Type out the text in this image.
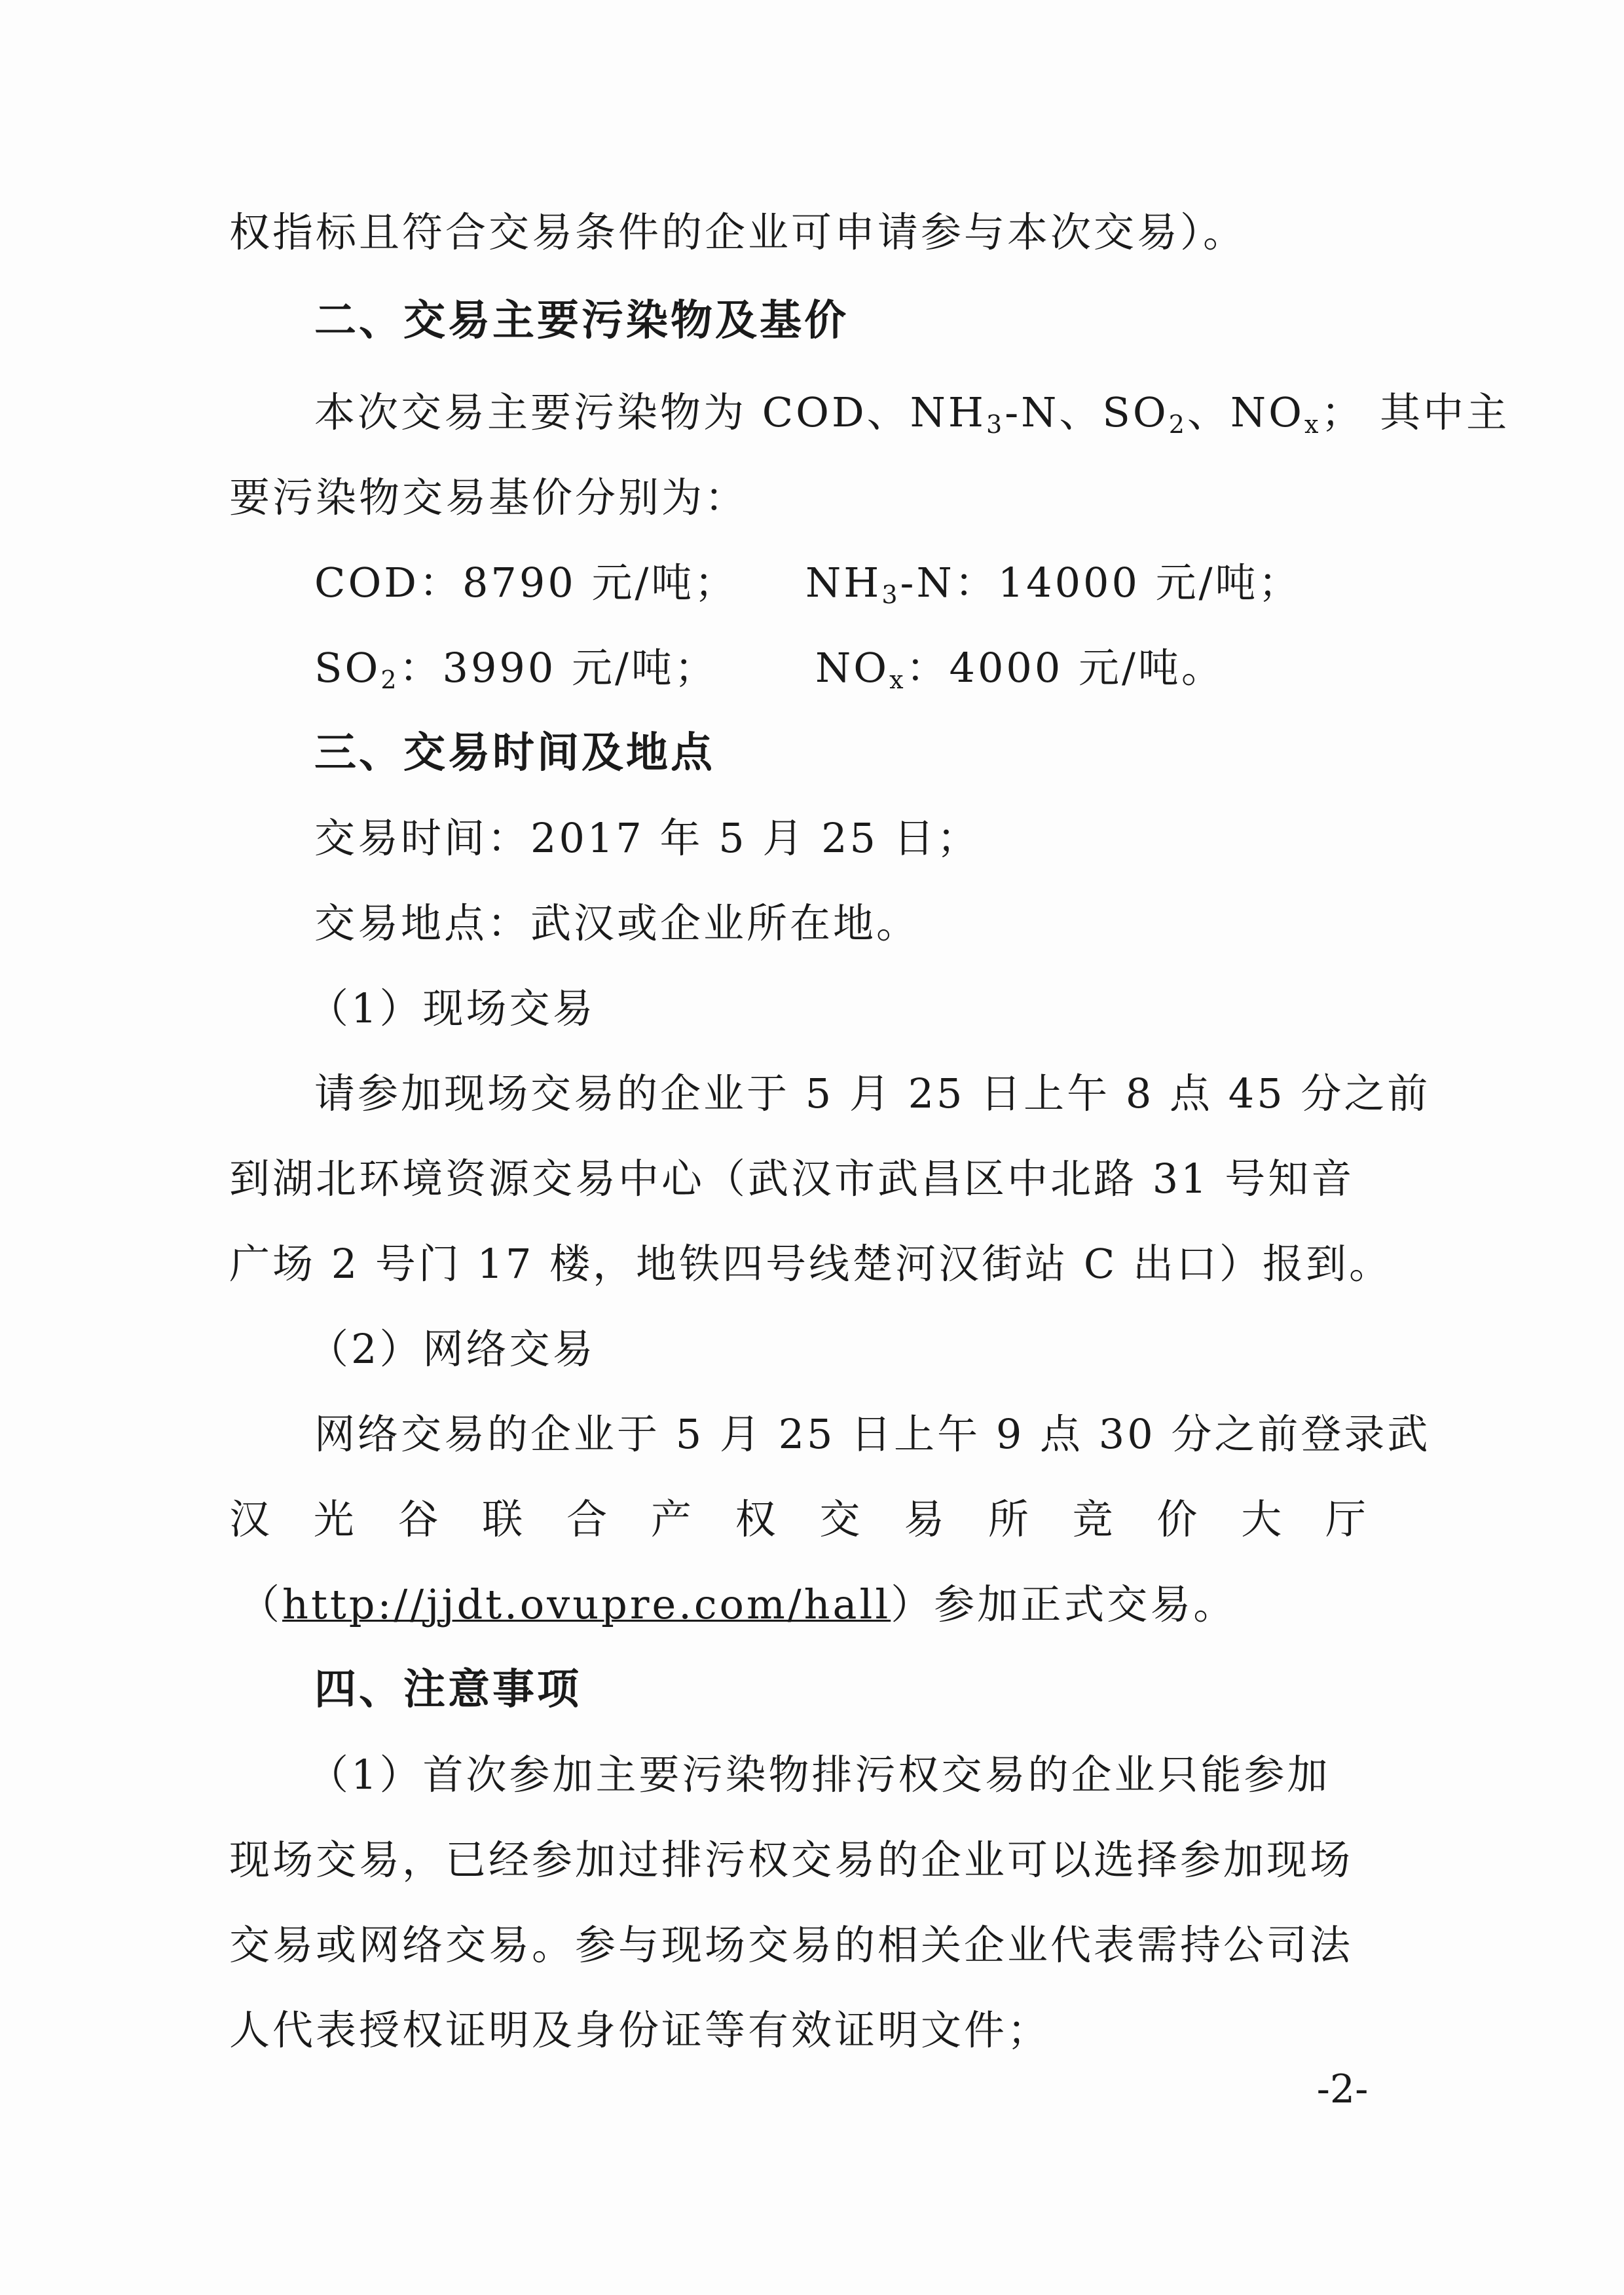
权指标且符合交易条件的企业可申请参与本次交易）。
二、交易主要污染物及基价
本次交易主要污染物为 COD、$NH_3-N$、$SO_2$、$NO_x$； 其中主
要污染物交易基价分别为：
COD：8790 元/吨； $NH_3-N$：14000 元/吨；
$SO_2$：3990 元/吨； $NO_x$：4000 元/吨。
三、交易时间及地点
交易时间：2017 年 5 月 25 日；
交易地点：武汉或企业所在地。
（1）现场交易
请参加现场交易的企业于 5 月 25 日上午 8 点 45 分之前
到湖北环境资源交易中心（武汉市武昌区中北路 31 号知音
广场 2 号门 17 楼，地铁四号线楚河汉街站 C 出口）报到。
（2）网络交易
网络交易的企业于 5 月 25 日上午 9 点 30 分之前登录武
汉 光 谷 联 合 产 权 交 易 所 竞 价 大 厅
（http://jjdt.ovupre.com/hall）参加正式交易。
四、注意事项
（1）首次参加主要污染物排污权交易的企业只能参加
现场交易，已经参加过排污权交易的企业可以选择参加现场
交易或网络交易。参与现场交易的相关企业代表需持公司法
人代表授权证明及身份证等有效证明文件；
-2-
